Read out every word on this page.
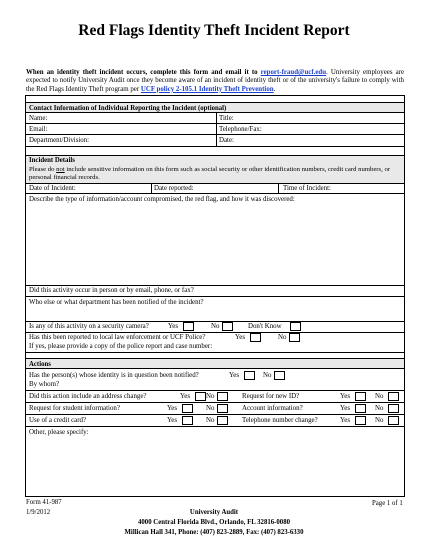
Red Flags Identity Theft Incident Report
When an identity theft incident occurs, complete this form and email it to report-fraud@ucf.edu. University employees are expected to notify University Audit once they become aware of an incident of identity theft or of the university's failure to comply with the Red Flags Identity Theft program per UCF policy 2-105.1 Identity Theft Prevention.
Contact Information of Individual Reporting the Incident (optional)
Name:	Title:
Email:	Telephone/Fax:
Department/Division:	Date:
Incident Details
Please do not include sensitive information on this form such as social security or other identification numbers, credit card numbers, or personal financial records.
Date of Incident:	Date reported:	Time of Incident:
Describe the type of information/account compromised, the red flag, and how it was discovered:
Did this activity occur in person or by email, phone, or fax?
Who else or what department has been notified of the incident?
Is any of this activity on a security camera?	Yes	No	Don't Know
Has this been reported to local law enforcement or UCF Police?	Yes	No
If yes, please provide a copy of the police report and case number:
Actions
Has the person(s) whose identity is in question been notified?	Yes	No
By whom?
Did this action include an address change?	Yes No	Request for new ID?	Yes	No
Request for student information?	Yes	No	Account information?	Yes	No
Use of a credit card?	Yes	No	Telephone number change?	Yes	No
Other, please specify:
Form 41-987
1/9/2012
Page 1 of 1
University Audit
4000 Central Florida Blvd., Orlando, FL 32816-0080
Millican Hall 341, Phone: (407) 823-2889, Fax: (407) 823-6330
